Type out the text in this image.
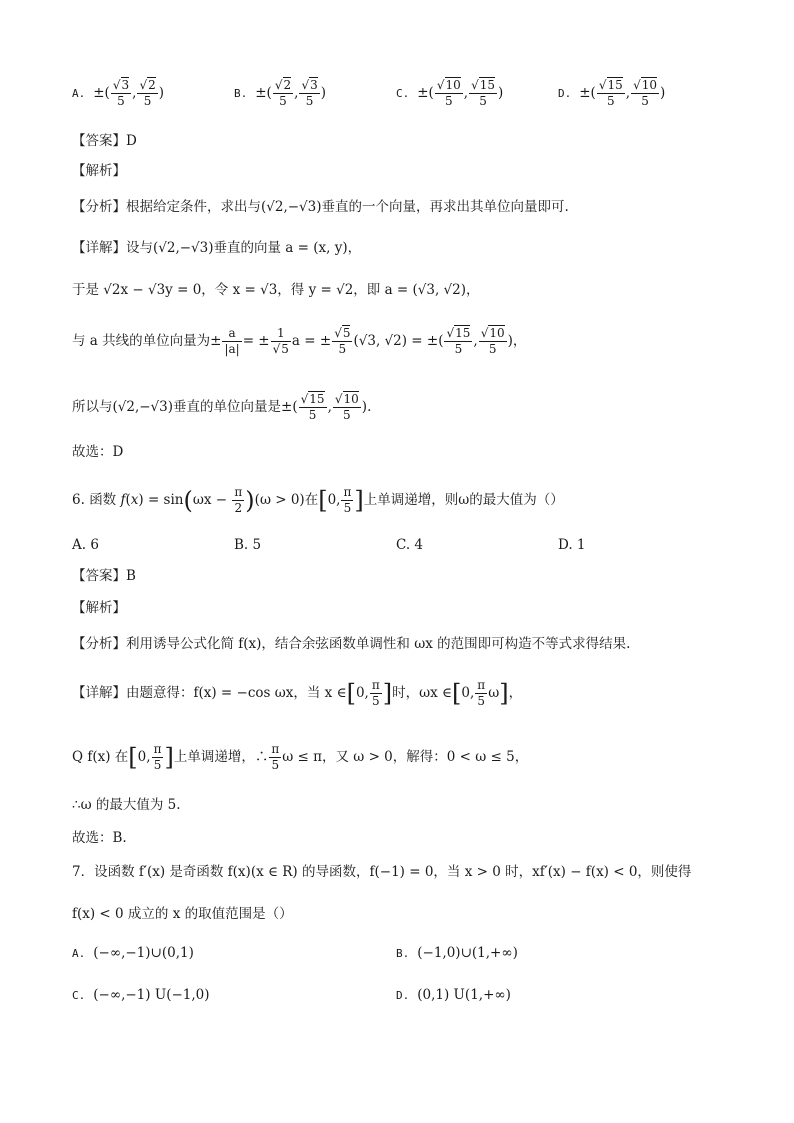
A. ±( $\frac{√3}{5}$ , $\frac{√2}{5}$ )	B. ±( $\frac{√2}{5}$ , $\frac{√3}{5}$ )	C. ±( $\frac{√10}{5}$ , $\frac{√15}{5}$ )	D. ±( $\frac{√15}{5}$ , $\frac{√10}{5}$ )
【答案】D
【解析】
【分析】根据给定条件，求出与(√2,−√3)垂直的一个向量，再求出其单位向量即可.
【详解】设与(√2,−√3)垂直的向量 a = (x, y)，
于是 √2x − √3y = 0，令 x = √3，得 y = √2，即 a = (√3, √2)，
与 a 共线的单位向量为± $\frac{a}{|a|}$ = ± $\frac{1}{√5}$ a = ± $\frac{√5}{5} (√3$, √2) = ±( $\frac{√15}{5}$ , $\frac{√10}{5}$ )，
所以与(√2,−√3)垂直的单位向量是±( $\frac{√15}{5}$ , $\frac{√10}{5}$ ).
故选：D
6. 函数 $f(x) = \sin(\omega x - \frac{\pi}{2} )(\omega > 0)$在[0, $\frac{\pi}{5}$ ]上单调递增，则ω的最大值为（）
A. 6	B. 5	C. 4	D. 1
【答案】B
【解析】
【分析】利用诱导公式化简 f(x)，结合余弦函数单调性和 ωx 的范围即可构造不等式求得结果.
【详解】由题意得：f(x) = −cos ωx，当 x ∈[0, $\frac{\pi}{5}$ ]时，ωx ∈[0, $\frac{\pi}{5} \omega$]，
Q f(x) 在[0, $\frac{\pi}{5}$ ]上单调递增，∴ $\frac{\pi}{5}$ ω ≤ π，又 ω > 0，解得：0 < ω ≤ 5，
∴ω 的最大值为 5.
故选：B.
7．设函数 f′(x) 是奇函数 f(x)(x ∈ R) 的导函数，f(−1) = 0，当 x > 0 时，xf′(x) − f(x) < 0，则使得
f(x) < 0 成立的 x 的取值范围是（）
A. (−∞,−1)∪(0,1)	B. (−1,0)∪(1,+∞)
C. (−∞,−1) U(−1,0)	D. (0,1) U(1,+∞)
